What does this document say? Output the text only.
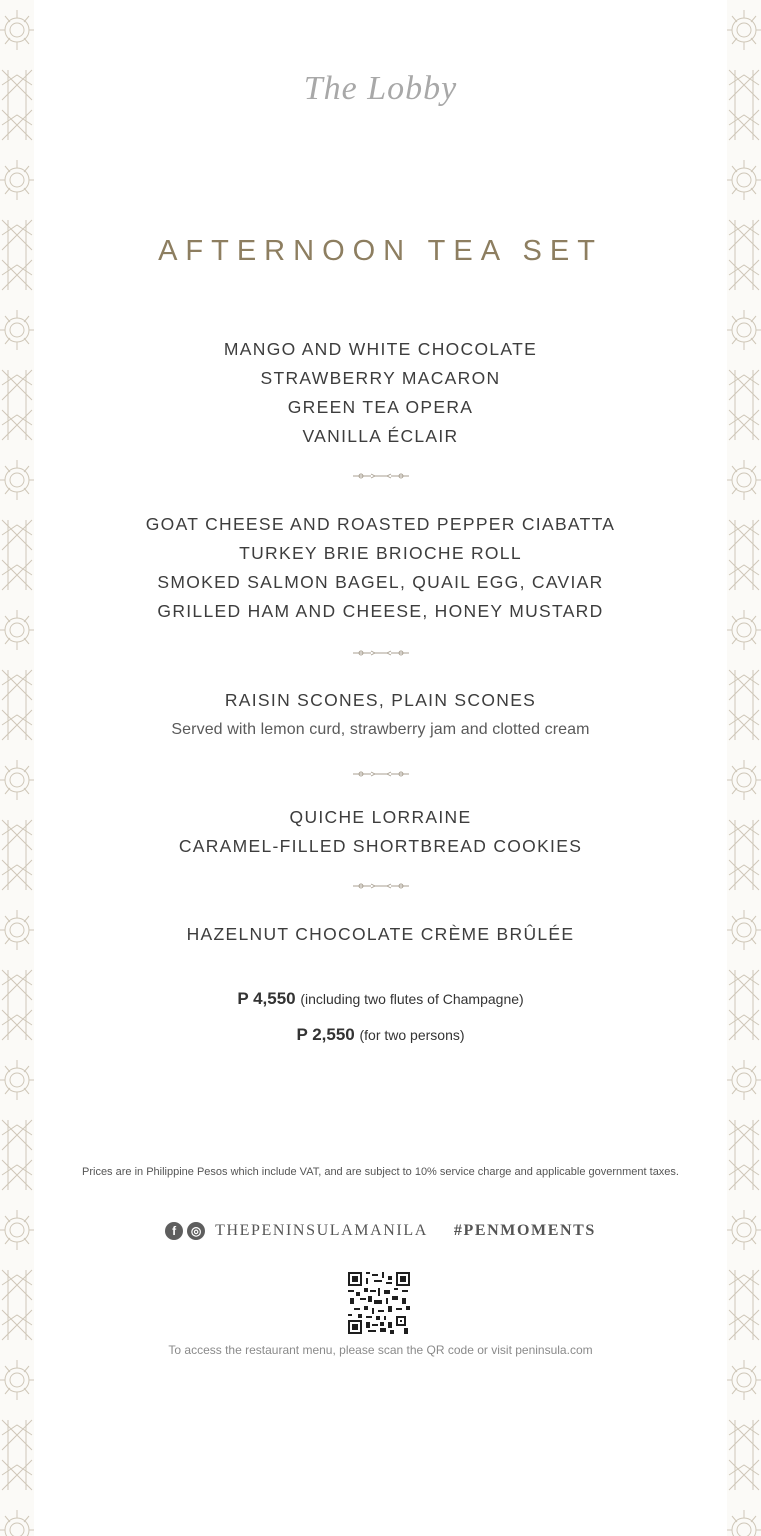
The Lobby
AFTERNOON TEA SET
MANGO AND WHITE CHOCOLATE
STRAWBERRY MACARON
GREEN TEA OPERA
VANILLA ÉCLAIR
GOAT CHEESE AND ROASTED PEPPER CIABATTA
TURKEY BRIE BRIOCHE ROLL
SMOKED SALMON BAGEL, QUAIL EGG, CAVIAR
GRILLED HAM AND CHEESE, HONEY MUSTARD
RAISIN SCONES, PLAIN SCONES
Served with lemon curd, strawberry jam and clotted cream
QUICHE LORRAINE
CARAMEL-FILLED SHORTBREAD COOKIES
HAZELNUT CHOCOLATE CRÈME BRÛLÉE
P 4,550 (including two flutes of Champagne)
P 2,550 (for two persons)
Prices are in Philippine Pesos which include VAT, and are subject to 10% service charge and applicable government taxes.
f	◎ THEPENINSULAMANILA #PENMOMENTS
To access the restaurant menu, please scan the QR code or visit peninsula.com
